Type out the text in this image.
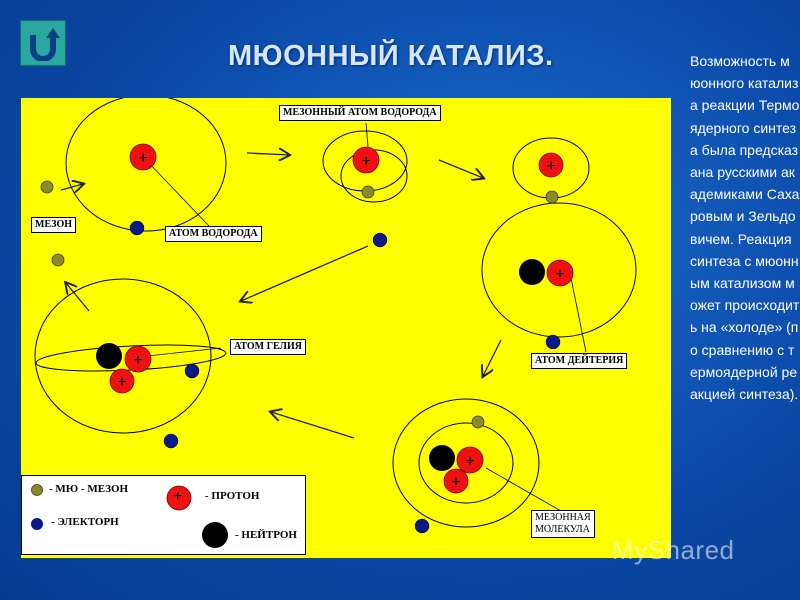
МЮОННЫЙ КАТАЛИЗ.	Возможность мюонного катализа реакции Термоядерного синтеза была предсказана русскими академиками Сахаровым и Зельдовичем. Реакция синтеза с мюонным катализом может происходить на «холоде» (по сравнению с термоядерной реакцией синтеза).
+	+	+
+
+
+
+
+
МЕЗОННЫЙ АТОМ ВОДОРОДА
АТОМ ВОДОРОДА
МЕЗОН
АТОМ ГЕЛИЯ
АТОМ ДЕЙТЕРИЯ
МЕЗОННАЯ
МОЛЕКУЛА
+
- МЮ - МЕЗОН
- ЭЛЕКТОРН
- ПРОТОН
- НЕЙТРОН	MyShared
